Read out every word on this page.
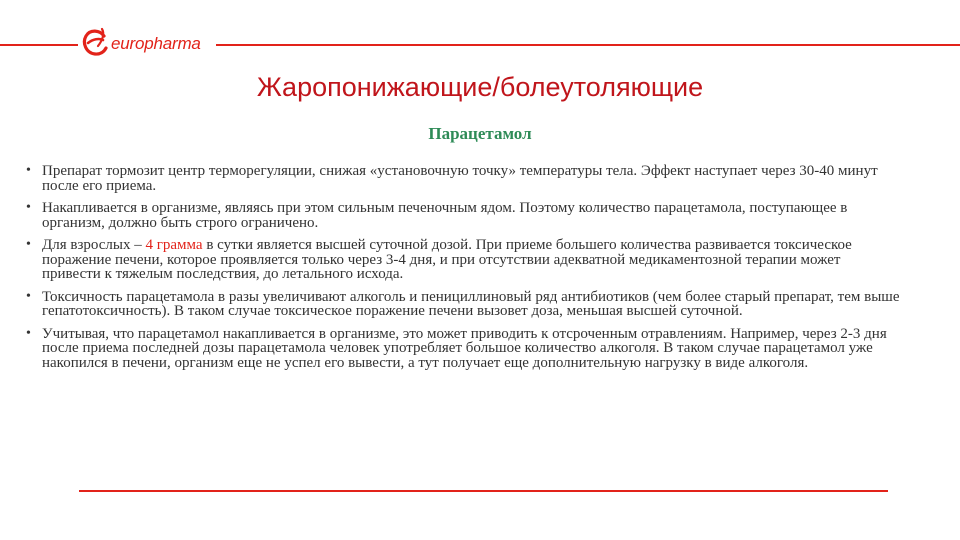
europharma
Жаропонижающие/болеутоляющие
Парацетамол
• Препарат тормозит центр терморегуляции, снижая «установочную точку» температуры тела. Эффект наступает через 30-40 минут после его приема.
• Накапливается в организме, являясь при этом сильным печеночным ядом. Поэтому количество парацетамола, поступающее в организм, должно быть строго ограничено.
• Для взрослых – 4 грамма в сутки является высшей суточной дозой. При приеме большего количества развивается токсическое поражение печени, которое проявляется только через 3-4 дня, и при отсутствии адекватной медикаментозной терапии может привести к тяжелым последствия, до летального исхода.
• Токсичность парацетамола в разы увеличивают алкоголь и пенициллиновый ряд антибиотиков (чем более старый препарат, тем выше гепатотоксичность). В таком случае токсическое поражение печени вызовет доза, меньшая высшей суточной.
• Учитывая, что парацетамол накапливается в организме, это может приводить к отсроченным отравлениям. Например, через 2-3 дня после приема последней дозы парацетамола человек употребляет большое количество алкоголя. В таком случае парацетамол уже накопился в печени, организм еще не успел его вывести, а тут получает еще дополнительную нагрузку в виде алкоголя.
